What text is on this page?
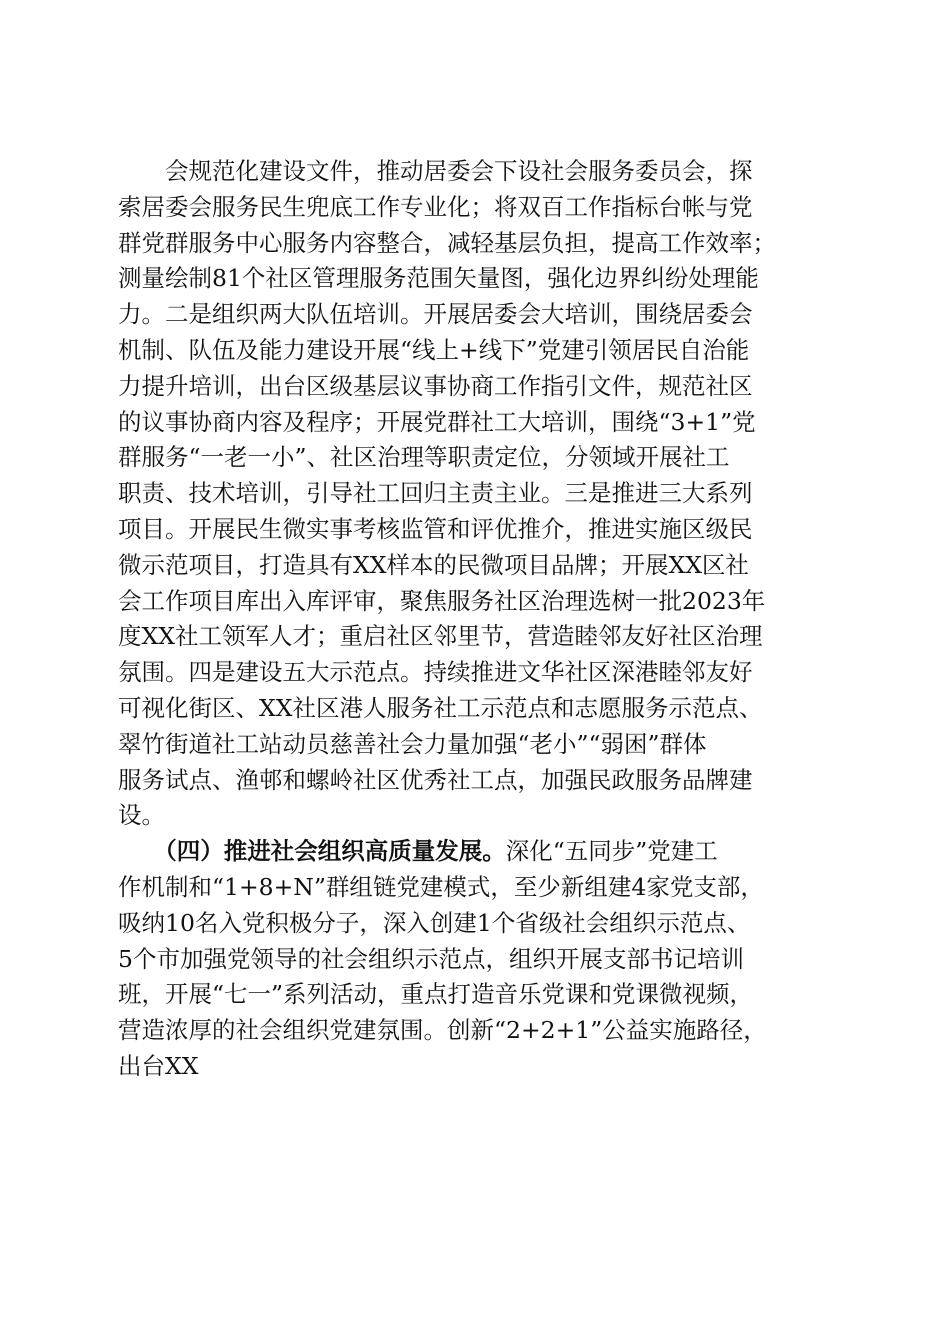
　　会规范化建设文件，推动居委会下设社会服务委员会，探
索居委会服务民生兜底工作专业化；将双百工作指标台帐与党
群党群服务中心服务内容整合，减轻基层负担，提高工作效率；
测量绘制81个社区管理服务范围矢量图，强化边界纠纷处理能
力。二是组织两大队伍培训。开展居委会大培训，围绕居委会
机制、队伍及能力建设开展“线上+线下”党建引领居民自治能
力提升培训，出台区级基层议事协商工作指引文件，规范社区
的议事协商内容及程序；开展党群社工大培训，围绕“3+1”党
群服务“一老一小”、社区治理等职责定位，分领域开展社工
职责、技术培训，引导社工回归主责主业。三是推进三大系列
项目。开展民生微实事考核监管和评优推介，推进实施区级民
微示范项目，打造具有XX样本的民微项目品牌；开展XX区社
会工作项目库出入库评审，聚焦服务社区治理选树一批2023年
度XX社工领军人才；重启社区邻里节，营造睦邻友好社区治理
氛围。四是建设五大示范点。持续推进文华社区深港睦邻友好
可视化街区、XX社区港人服务社工示范点和志愿服务示范点、
翠竹街道社工站动员慈善社会力量加强“老小”“弱困”群体
服务试点、渔邨和螺岭社区优秀社工点，加强民政服务品牌建
设。
　　（四）推进社会组织高质量发展。深化“五同步”党建工
作机制和“1+8+N”群组链党建模式，至少新组建4家党支部，
吸纳10名入党积极分子，深入创建1个省级社会组织示范点、
5个市加强党领导的社会组织示范点，组织开展支部书记培训
班，开展“七一”系列活动，重点打造音乐党课和党课微视频，
营造浓厚的社会组织党建氛围。创新“2+2+1”公益实施路径，
出台XX
